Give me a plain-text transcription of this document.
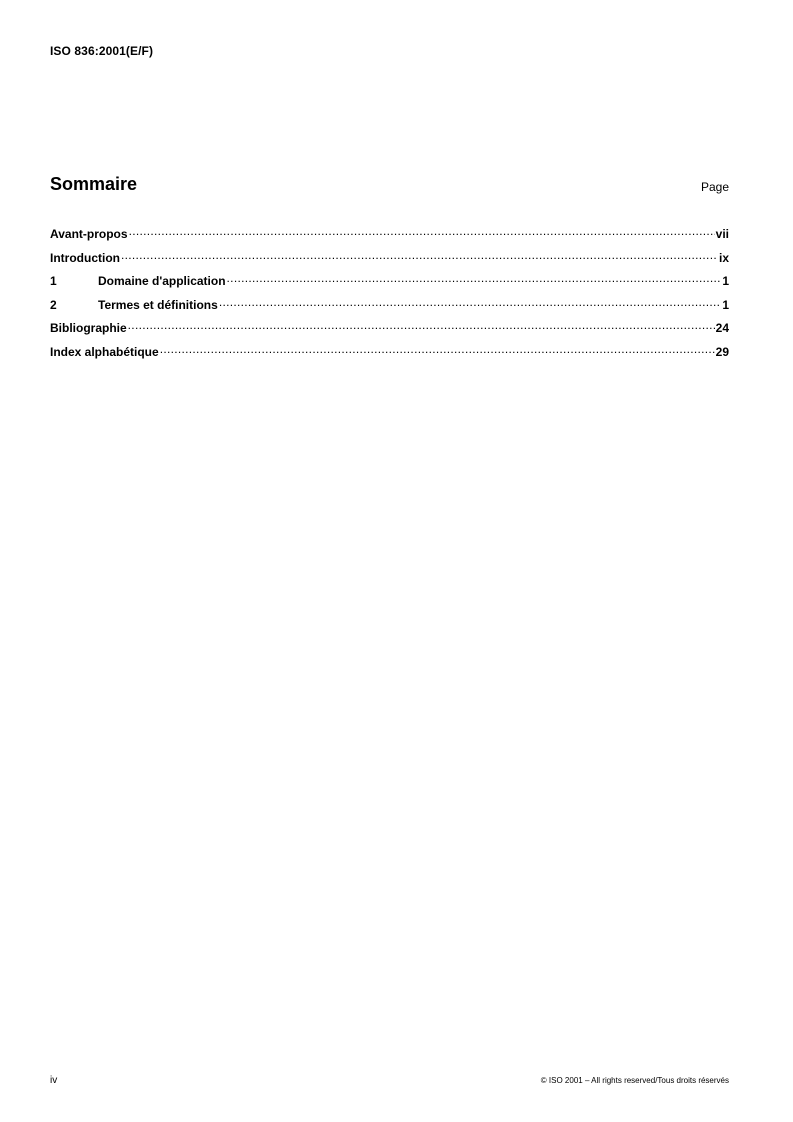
ISO 836:2001(E/F)
Sommaire	Page
Avant-propos .....	vii
Introduction .....	ix
1	Domaine d'application .....	1
2	Termes et définitions .....	1
Bibliographie .....	24
Index alphabétique .....	29
iv	© ISO 2001 – All rights reserved/Tous droits réservés
